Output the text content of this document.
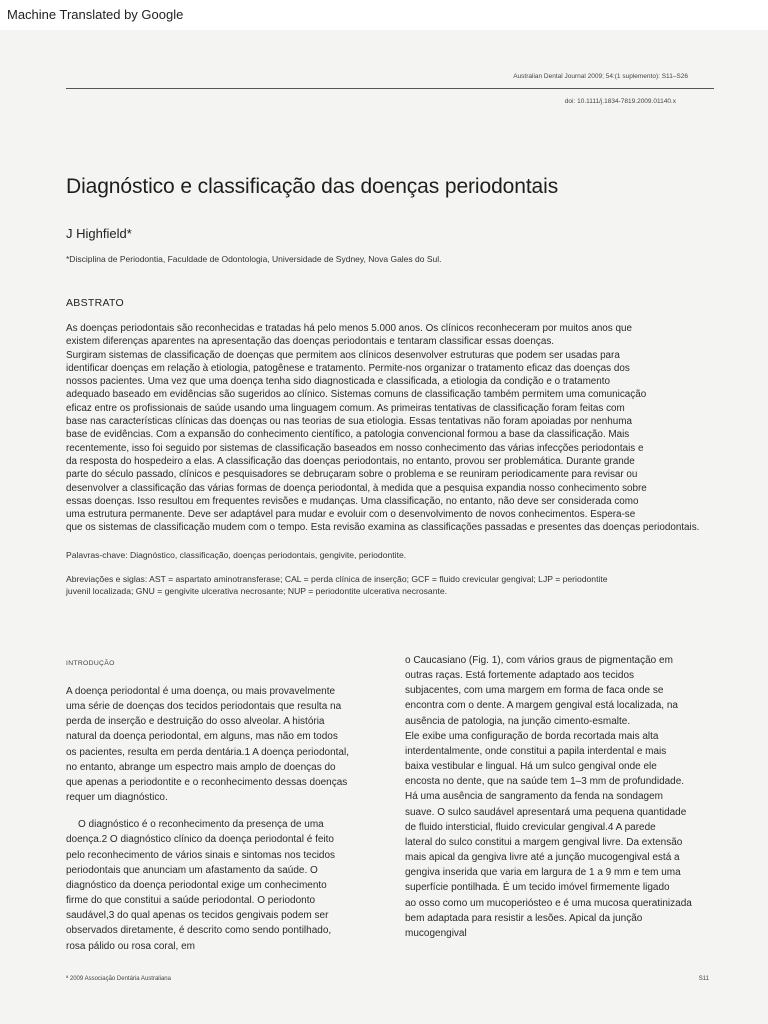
Machine Translated by Google
Australian Dental Journal 2009; 54:(1 suplemento): S11–S26
doi: 10.1111/j.1834-7819.2009.01140.x
Diagnóstico e classificação das doenças periodontais
J Highfield*
*Disciplina de Periodontia, Faculdade de Odontologia, Universidade de Sydney, Nova Gales do Sul.
ABSTRATO
As doenças periodontais são reconhecidas e tratadas há pelo menos 5.000 anos. Os clínicos reconheceram por muitos anos que
existem diferenças aparentes na apresentação das doenças periodontais e tentaram classificar essas doenças.
Surgiram sistemas de classificação de doenças que permitem aos clínicos desenvolver estruturas que podem ser usadas para
identificar doenças em relação à etiologia, patogênese e tratamento. Permite-nos organizar o tratamento eficaz das doenças dos
nossos pacientes. Uma vez que uma doença tenha sido diagnosticada e classificada, a etiologia da condição e o tratamento
adequado baseado em evidências são sugeridos ao clínico. Sistemas comuns de classificação também permitem uma comunicação
eficaz entre os profissionais de saúde usando uma linguagem comum. As primeiras tentativas de classificação foram feitas com
base nas características clínicas das doenças ou nas teorias de sua etiologia. Essas tentativas não foram apoiadas por nenhuma
base de evidências. Com a expansão do conhecimento científico, a patologia convencional formou a base da classificação. Mais
recentemente, isso foi seguido por sistemas de classificação baseados em nosso conhecimento das várias infecções periodontais e
da resposta do hospedeiro a elas. A classificação das doenças periodontais, no entanto, provou ser problemática. Durante grande
parte do século passado, clínicos e pesquisadores se debruçaram sobre o problema e se reuniram periodicamente para revisar ou
desenvolver a classificação das várias formas de doença periodontal, à medida que a pesquisa expandia nosso conhecimento sobre
essas doenças. Isso resultou em frequentes revisões e mudanças. Uma classificação, no entanto, não deve ser considerada como
uma estrutura permanente. Deve ser adaptável para mudar e evoluir com o desenvolvimento de novos conhecimentos. Espera-se
que os sistemas de classificação mudem com o tempo. Esta revisão examina as classificações passadas e presentes das doenças periodontais.
Palavras-chave: Diagnóstico, classificação, doenças periodontais, gengivite, periodontite.
Abreviações e siglas: AST = aspartato aminotransferase; CAL = perda clínica de inserção; GCF = fluido crevicular gengival; LJP = periodontite
juvenil localizada; GNU = gengivite ulcerativa necrosante; NUP = periodontite ulcerativa necrosante.
INTRODUÇÃO
A doença periodontal é uma doença, ou mais provavelmente
uma série de doenças dos tecidos periodontais que resulta na
perda de inserção e destruição do osso alveolar. A história
natural da doença periodontal, em alguns, mas não em todos
os pacientes, resulta em perda dentária.1 A doença periodontal,
no entanto, abrange um espectro mais amplo de doenças do
que apenas a periodontite e o reconhecimento dessas doenças
requer um diagnóstico.
O diagnóstico é o reconhecimento da presença de uma
doença.2 O diagnóstico clínico da doença periodontal é feito
pelo reconhecimento de vários sinais e sintomas nos tecidos
periodontais que anunciam um afastamento da saúde. O
diagnóstico da doença periodontal exige um conhecimento
firme do que constitui a saúde periodontal. O periodonto
saudável,3 do qual apenas os tecidos gengivais podem ser
observados diretamente, é descrito como sendo pontilhado,
rosa pálido ou rosa coral, em
o Caucasiano (Fig. 1), com vários graus de pigmentação em
outras raças. Está fortemente adaptado aos tecidos
subjacentes, com uma margem em forma de faca onde se
encontra com o dente. A margem gengival está localizada, na
ausência de patologia, na junção cimento-esmalte.
Ele exibe uma configuração de borda recortada mais alta
interdentalmente, onde constitui a papila interdental e mais
baixa vestibular e lingual. Há um sulco gengival onde ele
encosta no dente, que na saúde tem 1–3 mm de profundidade.
Há uma ausência de sangramento da fenda na sondagem
suave. O sulco saudável apresentará uma pequena quantidade
de fluido intersticial, fluido crevicular gengival.4 A parede
lateral do sulco constitui a margem gengival livre. Da extensão
mais apical da gengiva livre até a junção mucogengival está a
gengiva inserida que varia em largura de 1 a 9 mm e tem uma
superfície pontilhada. É um tecido imóvel firmemente ligado
ao osso como um mucoperiósteo e é uma mucosa queratinizada
bem adaptada para resistir a lesões. Apical da junção
mucogengival
ª 2009 Associação Dentária Australiana	S11
